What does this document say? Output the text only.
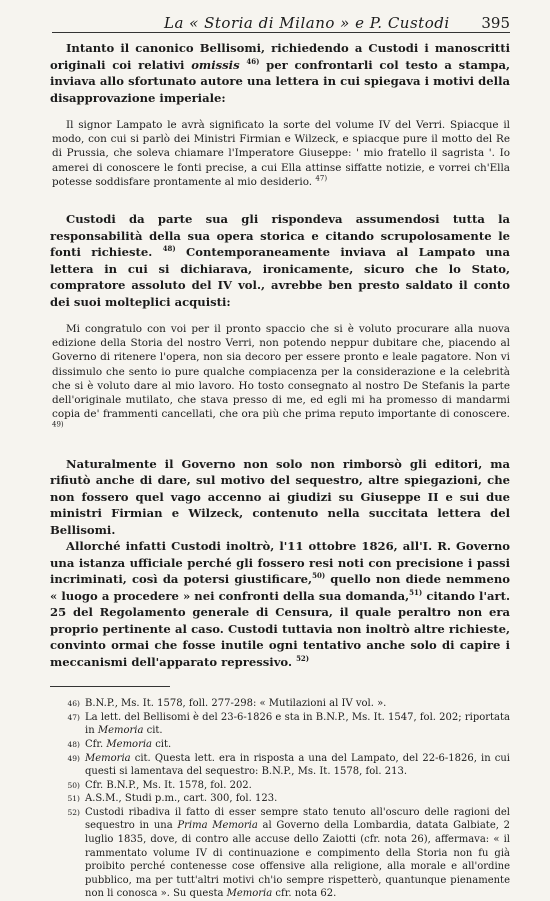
La « Storia di Milano » e P. Custodi 395

Intanto il canonico Bellisomi, richiedendo a Custodi i manoscritti originali coi relativi omissis $^{46)}$ per confrontarli col testo a stampa, inviava allo sfortunato autore una lettera in cui spiegava i motivi della disapprovazione imperiale:

Il signor Lampato le avrà significato la sorte del volume IV del Verri. Spiacque il modo, con cui si parlò dei Ministri Firmian e Wilzeck, e spiacque pure il motto del Re di Prussia, che soleva chiamare l'Imperatore Giuseppe: ' mio fratello il sagrista '. Io amerei di conoscere le fonti precise, a cui Ella attinse siffatte notizie, e vorrei ch'Ella potesse soddisfare prontamente al mio desiderio. $^{47)}$

Custodi da parte sua gli rispondeva assumendosi tutta la responsabilità della sua opera storica e citando scrupolosamente le fonti richieste. $^{48)}$ Contemporaneamente inviava al Lampato una lettera in cui si dichiarava, ironicamente, sicuro che lo Stato, compratore assoluto del IV vol., avrebbe ben presto saldato il conto dei suoi molteplici acquisti:

Mi congratulo con voi per il pronto spaccio che si è voluto procurare alla nuova edizione della Storia del nostro Verri, non potendo neppur dubitare che, piacendo al Governo di ritenere l'opera, non sia decoro per essere pronto e leale pagatore. Non vi dissimulo che sento io pure qualche compiacenza per la considerazione e la celebrità che si è voluto dare al mio lavoro. Ho tosto consegnato al nostro De Stefanis la parte dell'originale mutilato, che stava presso di me, ed egli mi ha promesso di mandarmi copia de' frammenti cancellati, che ora più che prima reputo importante di conoscere. $^{49)}$

Naturalmente il Governo non solo non rimborsò gli editori, ma rifiutò anche di dare, sul motivo del sequestro, altre spiegazioni, che non fossero quel vago accenno ai giudizi su Giuseppe II e sui due ministri Firmian e Wilzeck, contenuto nella succitata lettera del Bellisomi.

Allorché infatti Custodi inoltrò, l'11 ottobre 1826, all'I. R. Governo una istanza ufficiale perché gli fossero resi noti con precisione i passi incriminati, così da potersi giustificare,$^{50)}$ quello non diede nemmeno « luogo a procedere » nei confronti della sua domanda,$^{51)}$ citando l'art. 25 del Regolamento generale di Censura, il quale peraltro non era proprio pertinente al caso. Custodi tuttavia non inoltrò altre richieste, convinto ormai che fosse inutile ogni tentativo anche solo di capire i meccanismi dell'apparato repressivo. $^{52)}$

46) B.N.P., Ms. It. 1578, foll. 277-298: « Mutilazioni al IV vol. ».
47) La lett. del Bellisomi è del 23-6-1826 e sta in B.N.P., Ms. It. 1547, fol. 202; riportata in Memoria cit.
48) Cfr. Memoria cit.
49) Memoria cit. Questa lett. era in risposta a una del Lampato, del 22-6-1826, in cui questi si lamentava del sequestro: B.N.P., Ms. It. 1578, fol. 213.
50) Cfr. B.N.P., Ms. It. 1578, fol. 202.
51) A.S.M., Studi p.m., cart. 300, fol. 123.
52) Custodi ribadiva il fatto di esser sempre stato tenuto all'oscuro delle ragioni del sequestro in una Prima Memoria al Governo della Lombardia, datata Galbiate, 2 luglio 1835, dove, di contro alle accuse dello Zaiotti (cfr. nota 26), affermava: « il rammentato volume IV di continuazione e compimento della Storia non fu già proibito perché contenesse cose offensive alla religione, alla morale e all'ordine pubblico, ma per tutt'altri motivi ch'io sempre rispetterò, quantunque pienamente non li conosca ». Su questa Memoria cfr. nota 62.
